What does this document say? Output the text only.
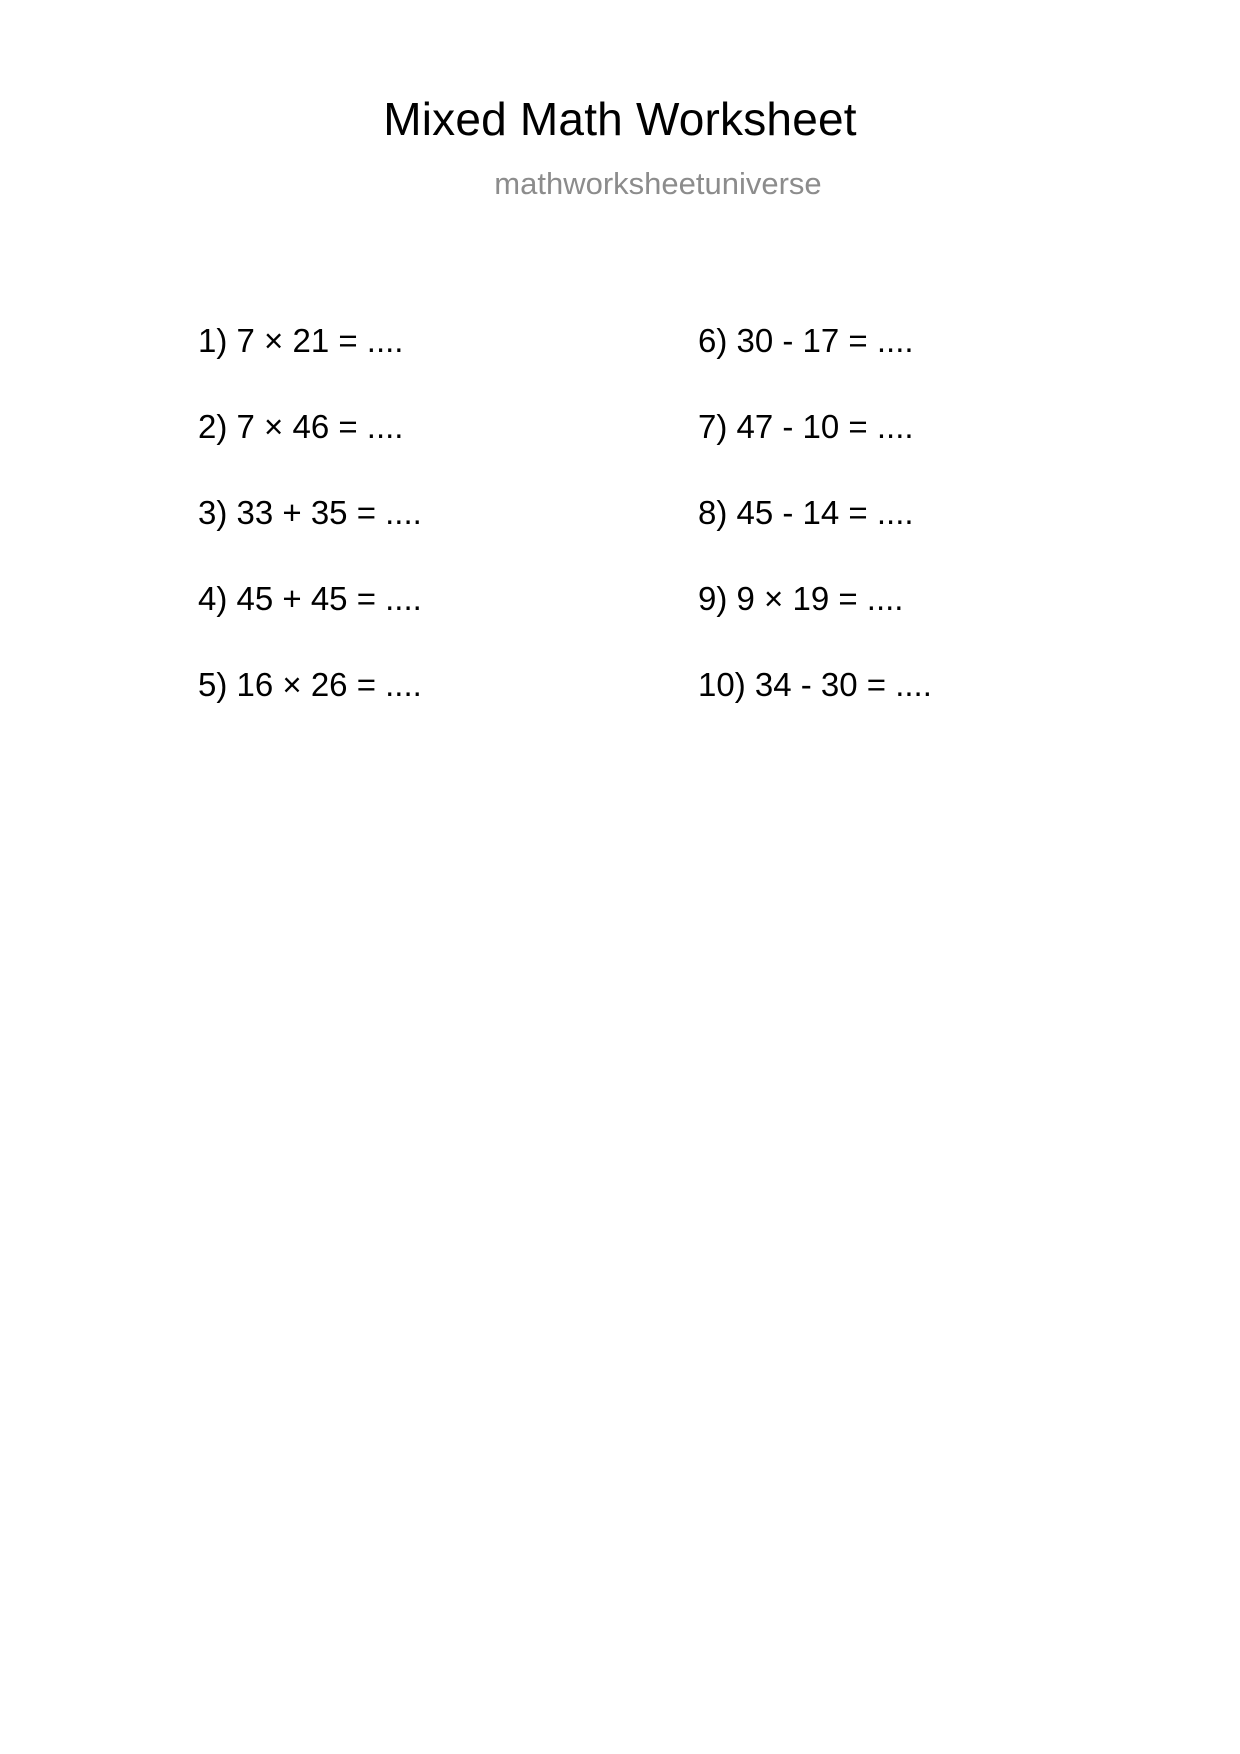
Mixed Math Worksheet
mathworksheetuniverse
1) 7 × 21 = ....
2) 7 × 46 = ....
3) 33 + 35 = ....
4) 45 + 45 = ....
5) 16 × 26 = ....
6) 30 - 17 = ....
7) 47 - 10 = ....
8) 45 - 14 = ....
9) 9 × 19 = ....
10) 34 - 30 = ....
